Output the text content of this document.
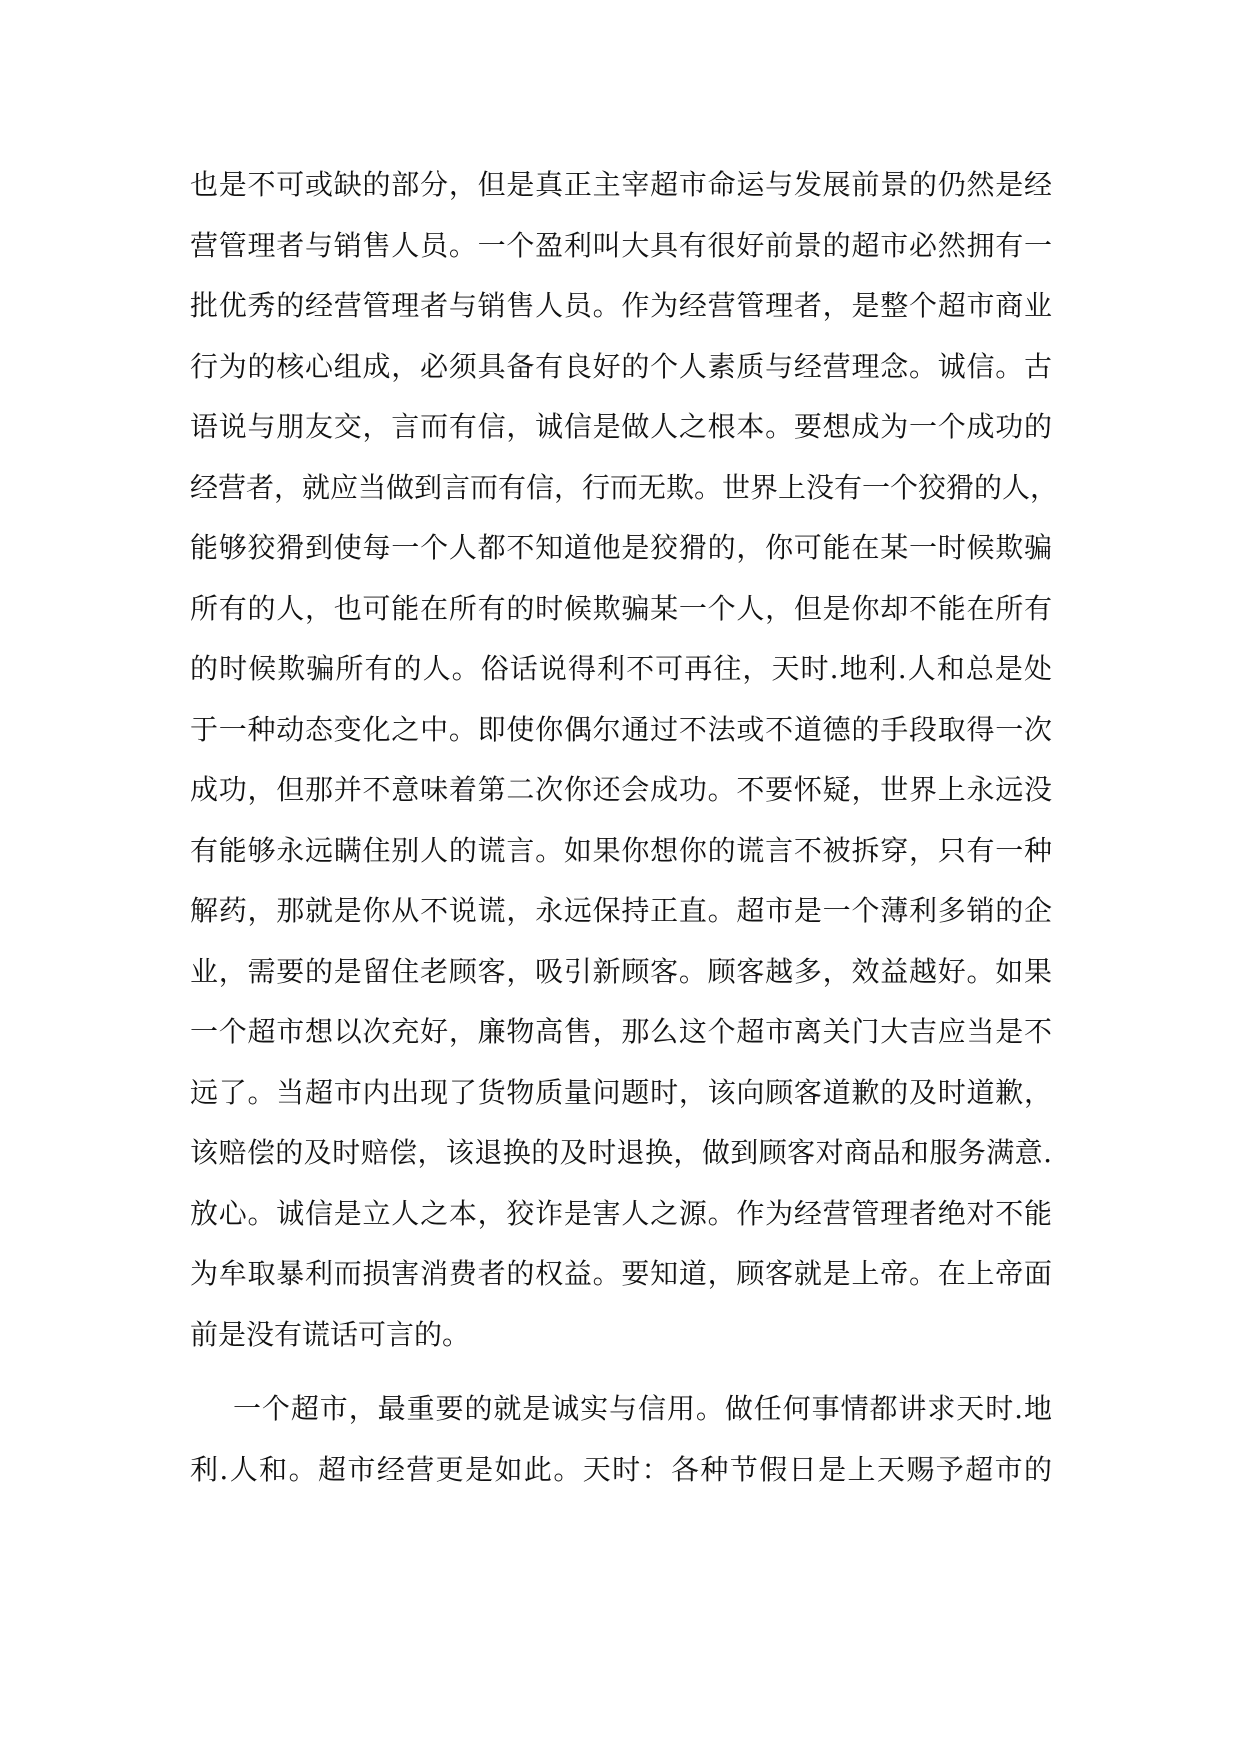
也是不可或缺的部分，但是真正主宰超市命运与发展前景的仍然是经
营管理者与销售人员。一个盈利叫大具有很好前景的超市必然拥有一
批优秀的经营管理者与销售人员。作为经营管理者，是整个超市商业
行为的核心组成，必须具备有良好的个人素质与经营理念。诚信。古
语说与朋友交，言而有信，诚信是做人之根本。要想成为一个成功的
经营者，就应当做到言而有信，行而无欺。世界上没有一个狡猾的人，
能够狡猾到使每一个人都不知道他是狡猾的，你可能在某一时候欺骗
所有的人，也可能在所有的时候欺骗某一个人，但是你却不能在所有
的时候欺骗所有的人。俗话说得利不可再往，天时.地利.人和总是处
于一种动态变化之中。即使你偶尔通过不法或不道德的手段取得一次
成功，但那并不意味着第二次你还会成功。不要怀疑，世界上永远没
有能够永远瞒住别人的谎言。如果你想你的谎言不被拆穿，只有一种
解药，那就是你从不说谎，永远保持正直。超市是一个薄利多销的企
业，需要的是留住老顾客，吸引新顾客。顾客越多，效益越好。如果
一个超市想以次充好，廉物高售，那么这个超市离关门大吉应当是不
远了。当超市内出现了货物质量问题时，该向顾客道歉的及时道歉，
该赔偿的及时赔偿，该退换的及时退换，做到顾客对商品和服务满意.
放心。诚信是立人之本，狡诈是害人之源。作为经营管理者绝对不能
为牟取暴利而损害消费者的权益。要知道，顾客就是上帝。在上帝面
前是没有谎话可言的。
一个超市，最重要的就是诚实与信用。做任何事情都讲求天时.地
利.人和。超市经营更是如此。天时：各种节假日是上天赐予超市的
